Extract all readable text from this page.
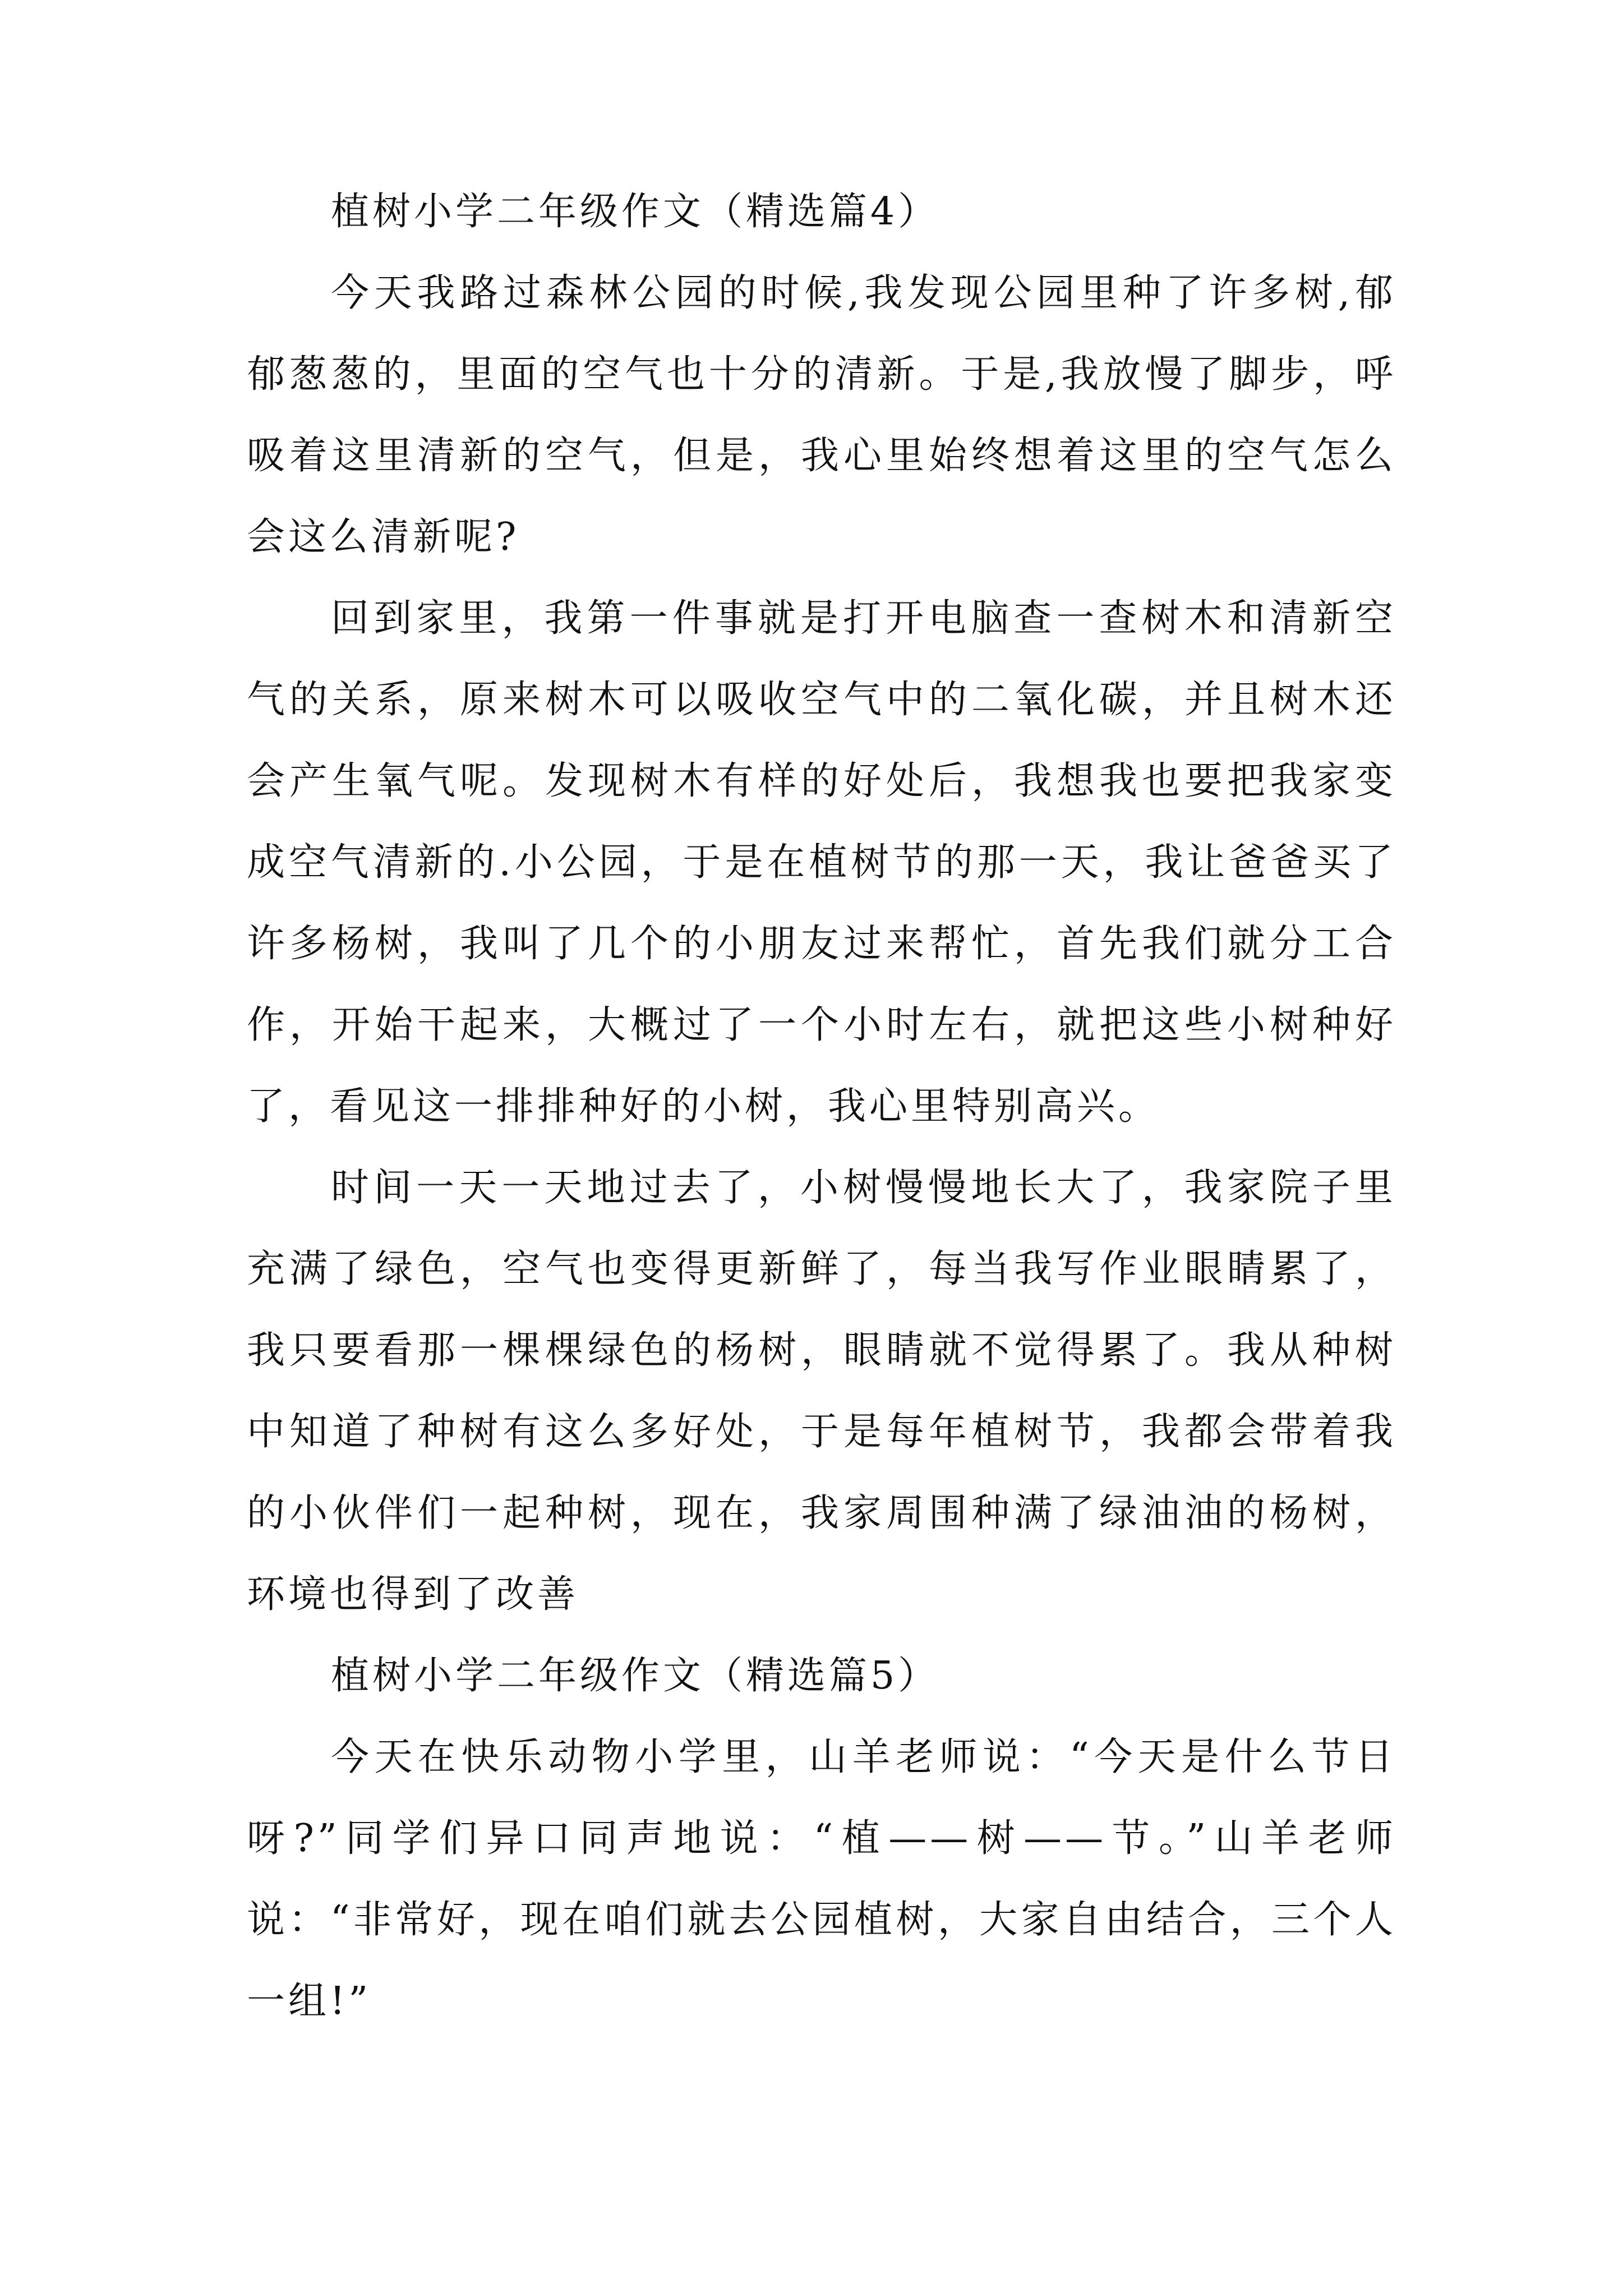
植树小学二年级作文（精选篇4）

今天我路过森林公园的时候,我发现公园里种了许多树,郁郁葱葱的，里面的空气也十分的清新。于是,我放慢了脚步，呼吸着这里清新的空气，但是，我心里始终想着这里的空气怎么会这么清新呢?

回到家里，我第一件事就是打开电脑查一查树木和清新空气的关系，原来树木可以吸收空气中的二氧化碳，并且树木还会产生氧气呢。发现树木有样的好处后，我想我也要把我家变成空气清新的.小公园，于是在植树节的那一天，我让爸爸买了许多杨树，我叫了几个的小朋友过来帮忙，首先我们就分工合作，开始干起来，大概过了一个小时左右，就把这些小树种好了，看见这一排排种好的小树，我心里特别高兴。

时间一天一天地过去了，小树慢慢地长大了，我家院子里充满了绿色，空气也变得更新鲜了，每当我写作业眼睛累了，我只要看那一棵棵绿色的杨树，眼睛就不觉得累了。我从种树中知道了种树有这么多好处，于是每年植树节，我都会带着我的小伙伴们一起种树，现在，我家周围种满了绿油油的杨树，环境也得到了改善

植树小学二年级作文（精选篇5）

今天在快乐动物小学里，山羊老师说：“今天是什么节日呀?”同学们异口同声地说：“植——树——节。”山羊老师说：“非常好，现在咱们就去公园植树，大家自由结合，三个人一组!”
